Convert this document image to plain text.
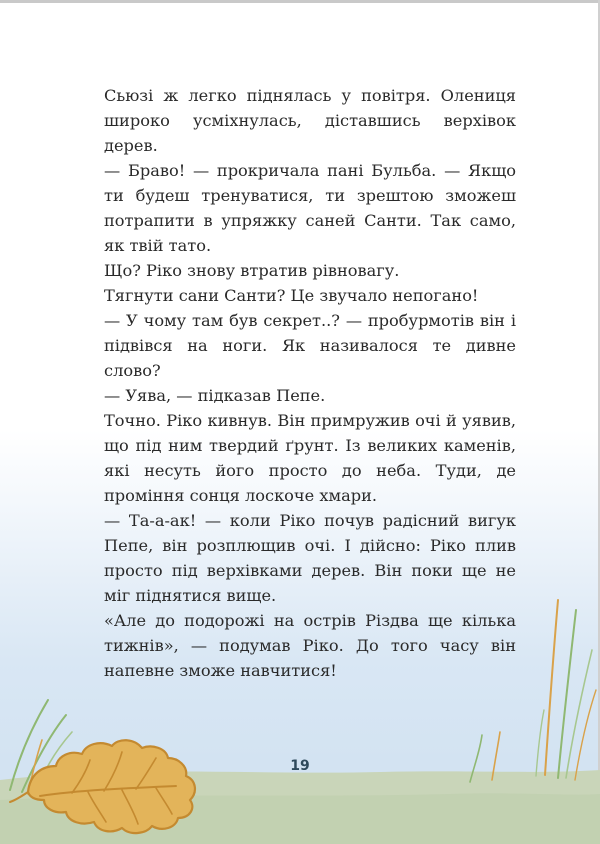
Сьюзі ж легко піднялась у повітря. Олениця широко усміхнулась, діставшись верхівок дерев.

— Браво! — прокричала пані Бульба. — Якщо ти будеш тренуватися, ти зрештою зможеш потрапити в упряжку саней Санти. Так само, як твій тато.

Що? Ріко знову втратив рівновагу.

Тягнути сани Санти? Це звучало непогано!

— У чому там був секрет..? — пробурмотів він і підвівся на ноги. Як називалося те дивне слово?

— Уява, — підказав Пепе.

Точно. Ріко кивнув. Він примружив очі й уявив, що під ним твердий ґрунт. Із великих каменів, які несуть його просто до неба. Туди, де проміння сонця лоскоче хмари.

— Та-а-ак! — коли Ріко почув радісний вигук Пепе, він розплющив очі. І дійсно: Ріко плив просто під верхівками дерев. Він поки ще не міг піднятися вище.

«Але до подорожі на острів Різдва ще кілька тижнів», — подумав Ріко. До того часу він напевне зможе навчитися!

19
